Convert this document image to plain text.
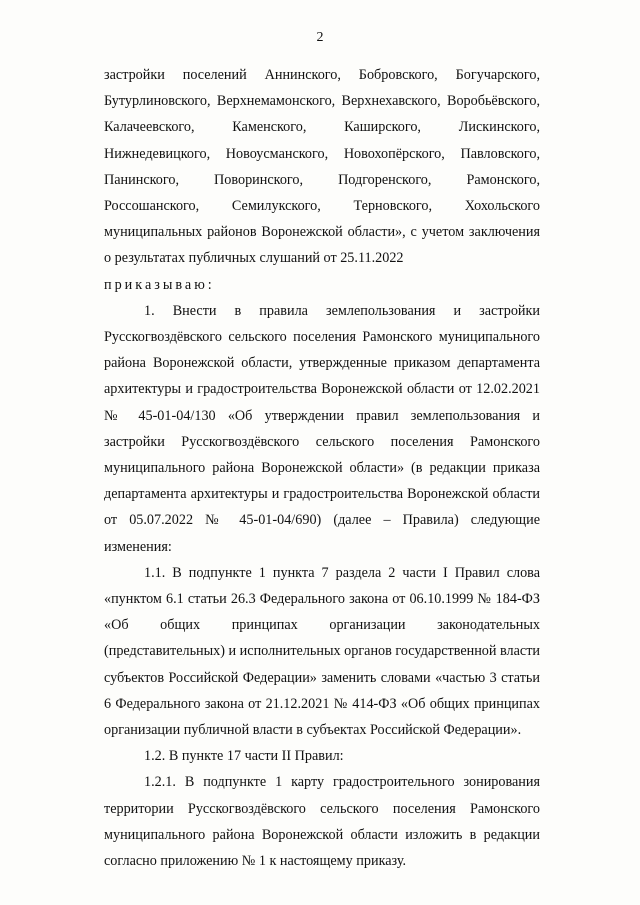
2

застройки поселений Аннинского, Бобровского, Богучарского, Бутурлиновского, Верхнемамонского, Верхнехавского, Воробьёвского, Калачеевского, Каменского, Каширского, Лискинского, Нижнедевицкого, Новоусманского, Новохопёрского, Павловского, Панинского, Поворинского, Подгоренского, Рамонского, Россошанского, Семилукского, Терновского, Хохольского муниципальных районов Воронежской области», с учетом заключения о результатах публичных слушаний от 25.11.2022

приказываю:

1. Внести в правила землепользования и застройки Русскогвоздёвского сельского поселения Рамонского муниципального района Воронежской области, утвержденные приказом департамента архитектуры и градостроительства Воронежской области от 12.02.2021 № 45-01-04/130 «Об утверждении правил землепользования и застройки Русскогвоздёвского сельского поселения Рамонского муниципального района Воронежской области» (в редакции приказа департамента архитектуры и градостроительства Воронежской области от 05.07.2022 № 45-01-04/690) (далее – Правила) следующие изменения:

1.1. В подпункте 1 пункта 7 раздела 2 части I Правил слова «пунктом 6.1 статьи 26.3 Федерального закона от 06.10.1999 № 184-ФЗ «Об общих принципах организации законодательных (представительных) и исполнительных органов государственной власти субъектов Российской Федерации» заменить словами «частью 3 статьи 6 Федерального закона от 21.12.2021 № 414-ФЗ «Об общих принципах организации публичной власти в субъектах Российской Федерации».

1.2. В пункте 17 части II Правил:

1.2.1. В подпункте 1 карту градостроительного зонирования территории Русскогвоздёвского сельского поселения Рамонского муниципального района Воронежской области изложить в редакции согласно приложению № 1 к настоящему приказу.
